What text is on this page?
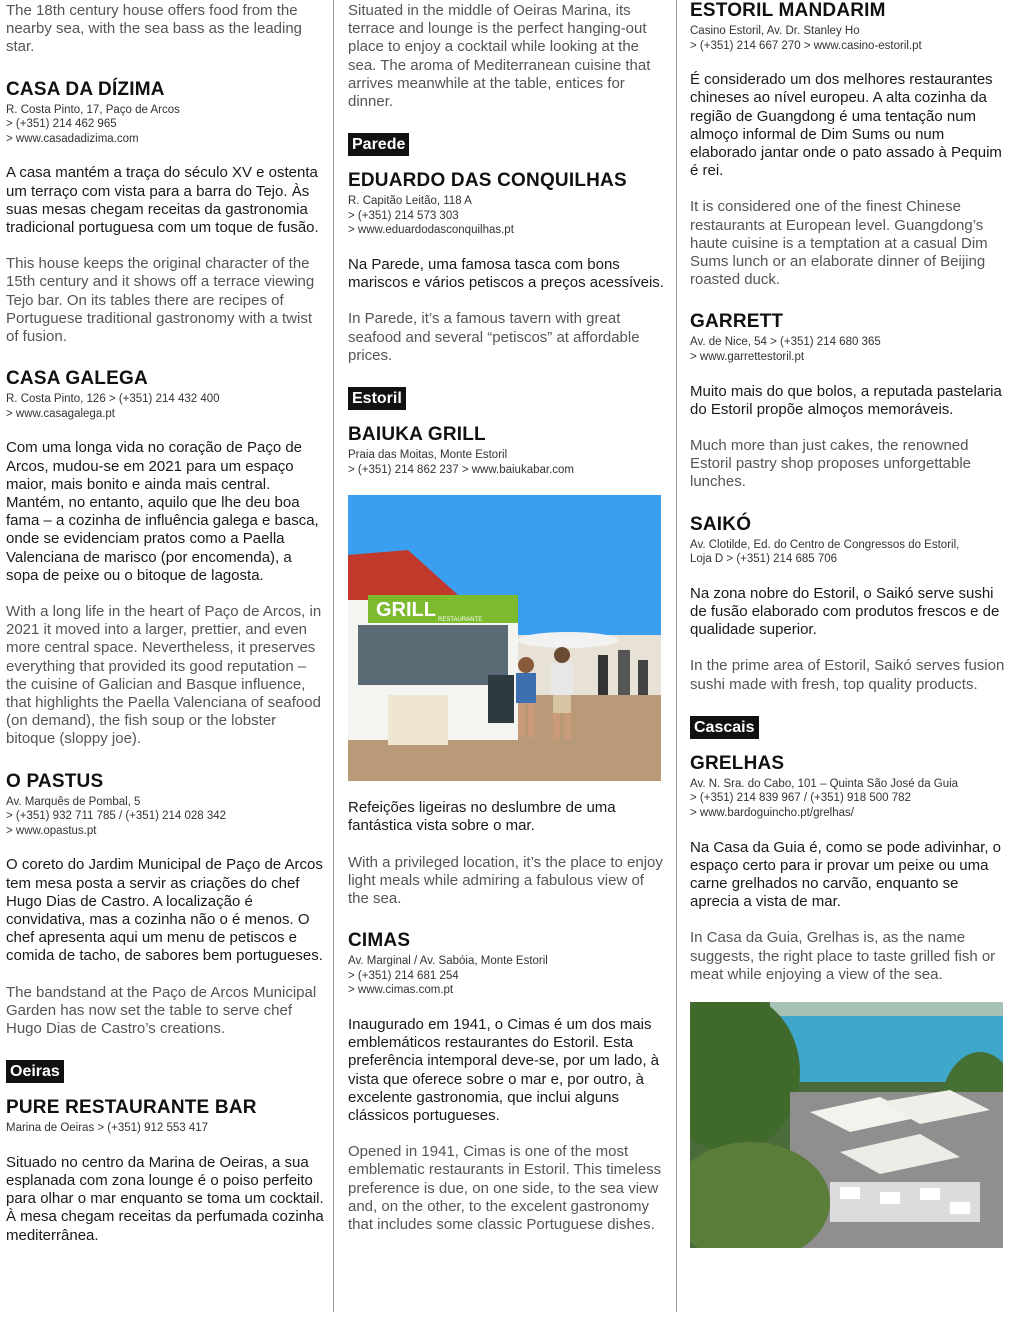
The 18th century house offers food from the nearby sea, with the sea bass as the leading star.

CASA DA DÍZIMA
R. Costa Pinto, 17, Paço de Arcos
> (+351) 214 462 965
> www.casadadizima.com

A casa mantém a traça do século XV e ostenta um terraço com vista para a barra do Tejo. Às suas mesas chegam receitas da gastronomia tradicional portuguesa com um toque de fusão.

This house keeps the original character of the 15th century and it shows off a terrace viewing Tejo bar. On its tables there are recipes of Portuguese traditional gastronomy with a twist of fusion.

CASA GALEGA
R. Costa Pinto, 126 > (+351) 214 432 400
> www.casagalega.pt

Com uma longa vida no coração de Paço de Arcos, mudou-se em 2021 para um espaço maior, mais bonito e ainda mais central. Mantém, no entanto, aquilo que lhe deu boa fama – a cozinha de influência galega e basca, onde se evidenciam pratos como a Paella Valenciana de marisco (por encomenda), a sopa de peixe ou o bitoque de lagosta.

With a long life in the heart of Paço de Arcos, in 2021 it moved into a larger, prettier, and even more central space. Nevertheless, it preserves everything that provided its good reputation – the cuisine of Galician and Basque influence, that highlights the Paella Valenciana of seafood (on demand), the fish soup or the lobster bitoque (sloppy joe).

O PASTUS
Av. Marquês de Pombal, 5
> (+351) 932 711 785 / (+351) 214 028 342
> www.opastus.pt

O coreto do Jardim Municipal de Paço de Arcos tem mesa posta a servir as criações do chef Hugo Dias de Castro. A localização é convidativa, mas a cozinha não o é menos. O chef apresenta aqui um menu de petiscos e comida de tacho, de sabores bem portugueses.

The bandstand at the Paço de Arcos Municipal Garden has now set the table to serve chef Hugo Dias de Castro’s creations.

Oeiras
PURE RESTAURANTE BAR
Marina de Oeiras > (+351) 912 553 417

Situado no centro da Marina de Oeiras, a sua esplanada com zona lounge é o poiso perfeito para olhar o mar enquanto se toma um cocktail. À mesa chegam receitas da perfumada cozinha mediterrânea.

Situated in the middle of Oeiras Marina, its terrace and lounge is the perfect hanging-out place to enjoy a cocktail while looking at the sea. The aroma of Mediterranean cuisine that arrives meanwhile at the table, entices for dinner.

Parede
EDUARDO DAS CONQUILHAS
R. Capitão Leitão, 118 A
> (+351) 214 573 303
> www.eduardodasconquilhas.pt

Na Parede, uma famosa tasca com bons mariscos e vários petiscos a preços acessíveis.

In Parede, it’s a famous tavern with great seafood and several “petiscos” at affordable prices.

Estoril
BAIUKA GRILL
Praia das Moitas, Monte Estoril
> (+351) 214 862 237 > www.baiukabar.com
GRILL RESTAURANTE

Refeições ligeiras no deslumbre de uma fantástica vista sobre o mar.

With a privileged location, it’s the place to enjoy light meals while admiring a fabulous view of the sea.

CIMAS
Av. Marginal / Av. Sabóia, Monte Estoril
> (+351) 214 681 254
> www.cimas.com.pt

Inaugurado em 1941, o Cimas é um dos mais emblemáticos restaurantes do Estoril. Esta preferência intemporal deve-se, por um lado, à vista que oferece sobre o mar e, por outro, à excelente gastronomia, que inclui alguns clássicos portugueses.

Opened in 1941, Cimas is one of the most emblematic restaurants in Estoril. This timeless preference is due, on one side, to the sea view and, on the other, to the excelent gastronomy that includes some classic Portuguese dishes.

ESTORIL MANDARIM
Casino Estoril, Av. Dr. Stanley Ho
> (+351) 214 667 270 > www.casino-estoril.pt

É considerado um dos melhores restaurantes chineses ao nível europeu. A alta cozinha da região de Guangdong é uma tentação num almoço informal de Dim Sums ou num elaborado jantar onde o pato assado à Pequim é rei.

It is considered one of the finest Chinese restaurants at European level. Guangdong’s haute cuisine is a temptation at a casual Dim Sums lunch or an elaborate dinner of Beijing roasted duck.

GARRETT
Av. de Nice, 54 > (+351) 214 680 365
> www.garrettestoril.pt

Muito mais do que bolos, a reputada pastelaria do Estoril propõe almoços memoráveis.

Much more than just cakes, the renowned Estoril pastry shop proposes unforgettable lunches.

SAIKÓ
Av. Clotilde, Ed. do Centro de Congressos do Estoril,
Loja D > (+351) 214 685 706

Na zona nobre do Estoril, o Saikó serve sushi de fusão elaborado com produtos frescos e de qualidade superior.

In the prime area of Estoril, Saikó serves fusion sushi made with fresh, top quality products.

Cascais
GRELHAS
Av. N. Sra. do Cabo, 101 – Quinta São José da Guia
> (+351) 214 839 967 / (+351) 918 500 782
> www.bardoguincho.pt/grelhas/

Na Casa da Guia é, como se pode adivinhar, o espaço certo para ir provar um peixe ou uma carne grelhados no carvão, enquanto se aprecia a vista de mar.

In Casa da Guia, Grelhas is, as the name suggests, the right place to taste grilled fish or meat while enjoying a view of the sea.
